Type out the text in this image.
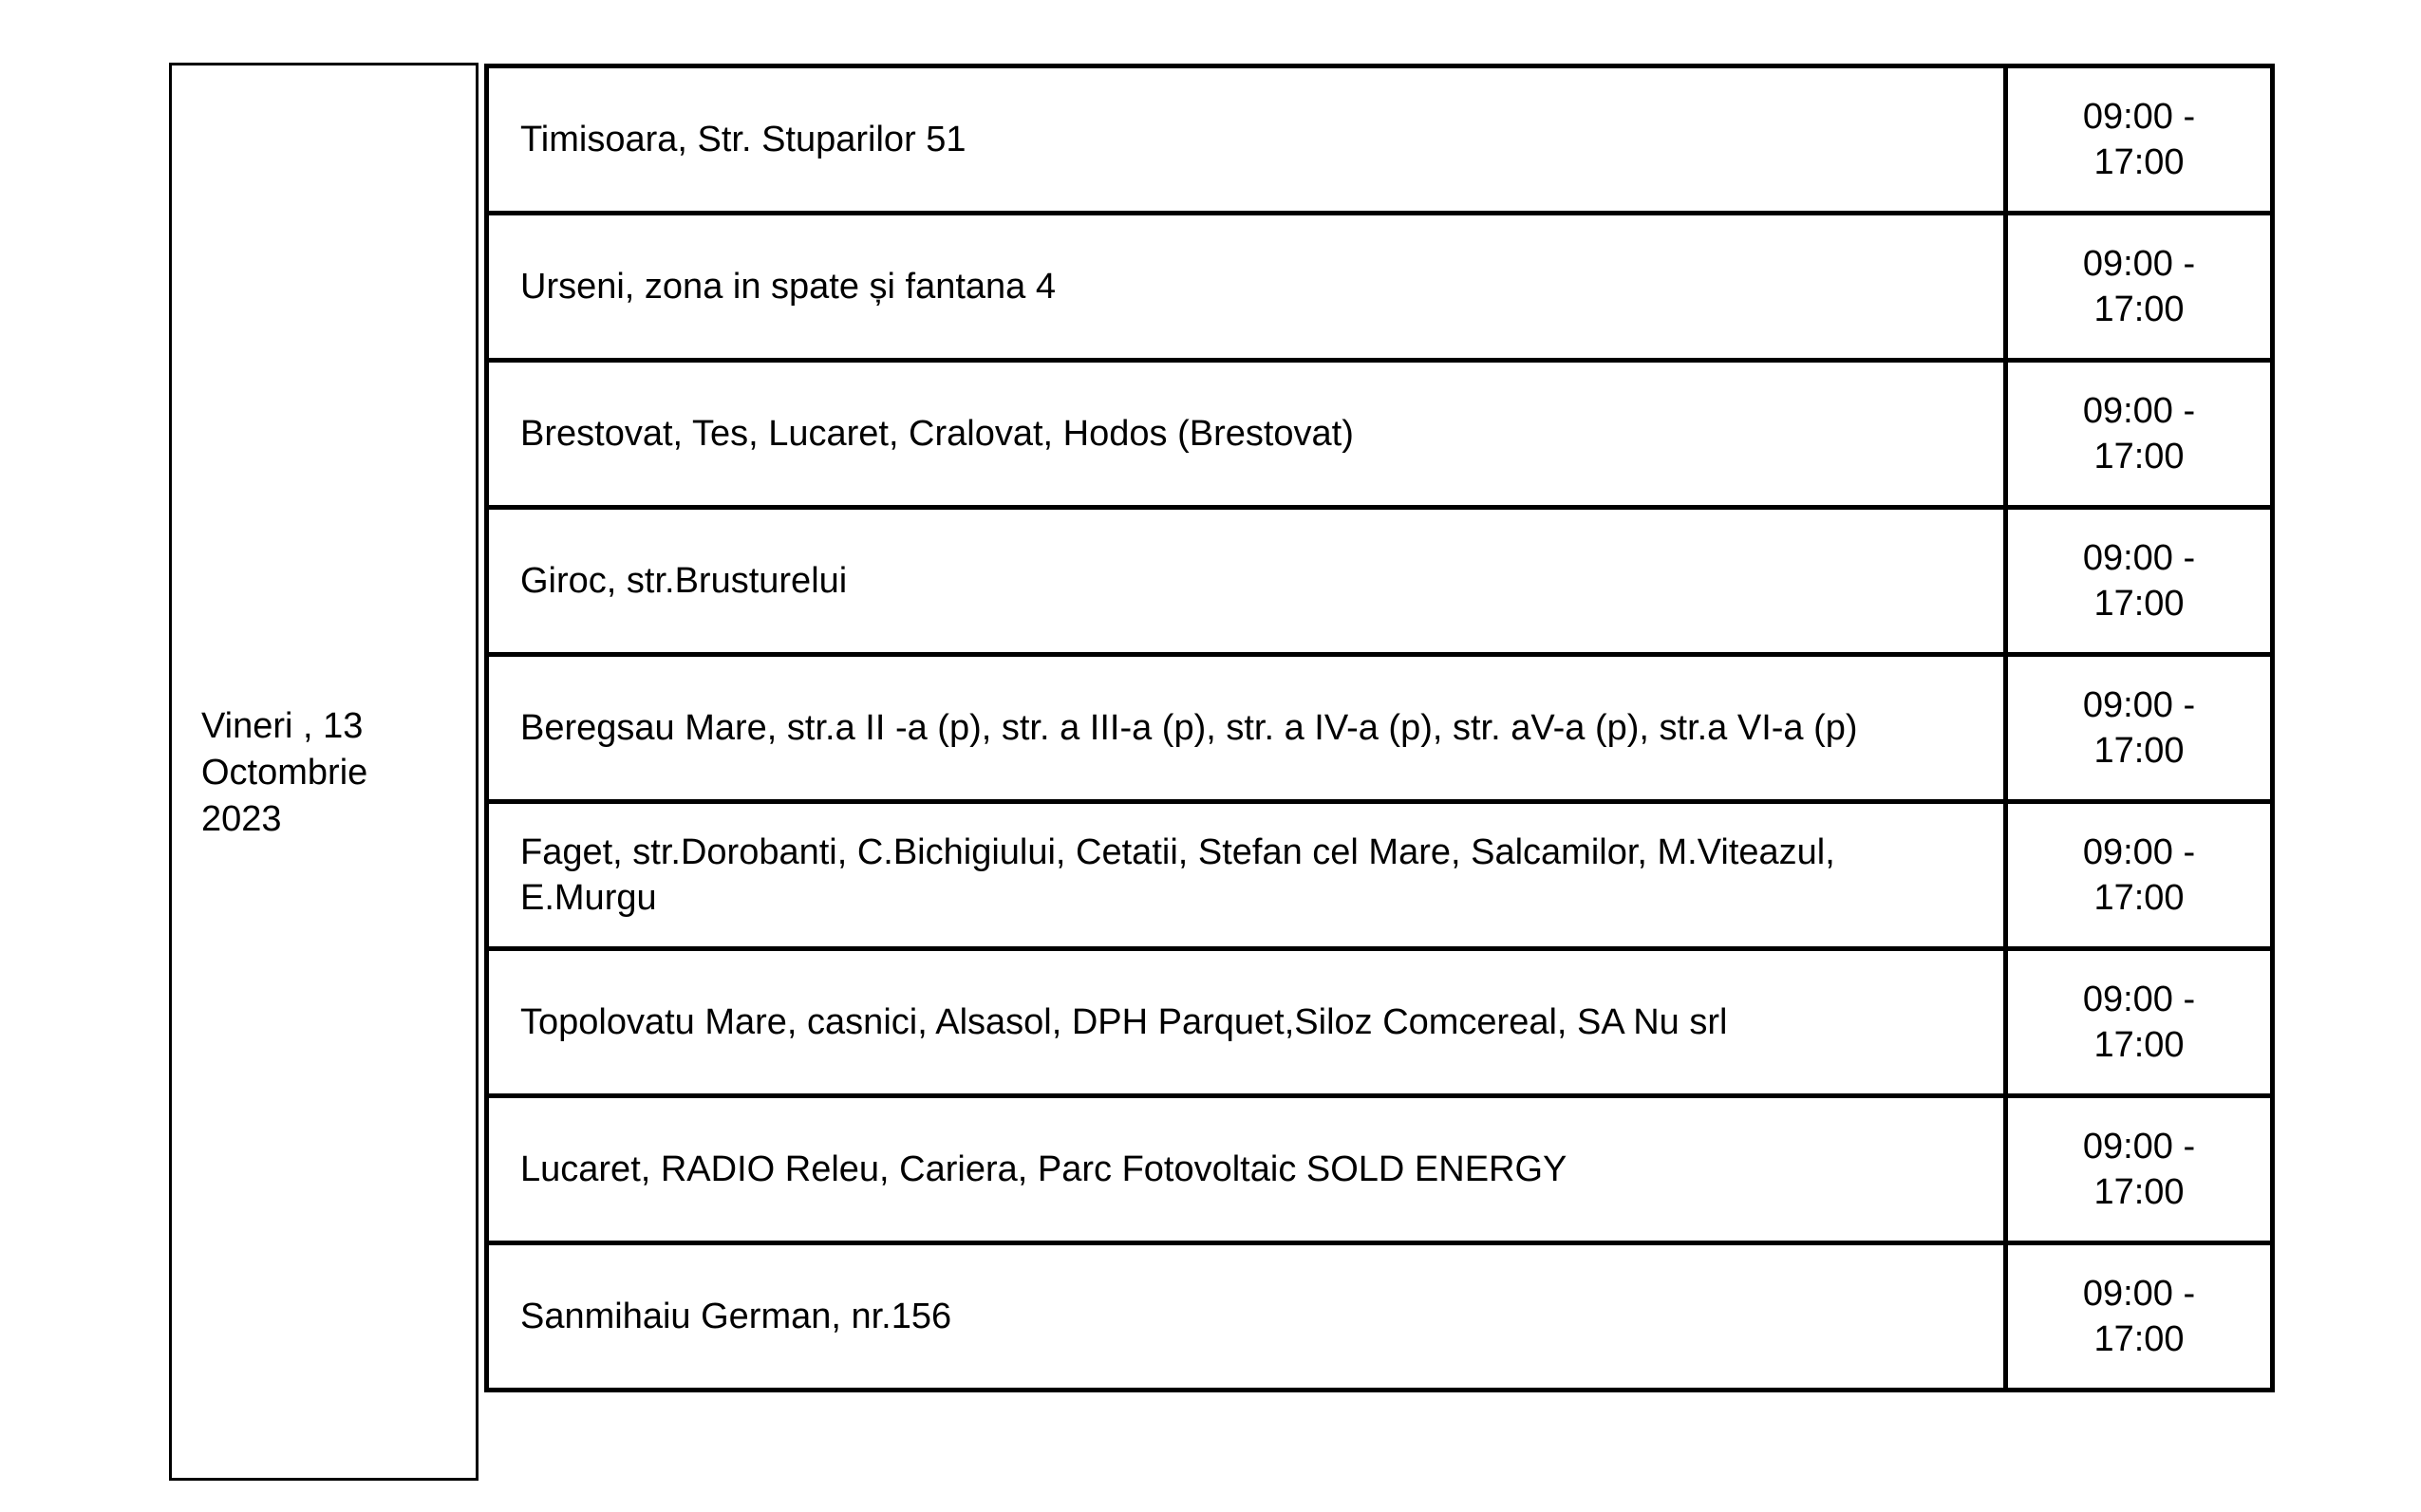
Vineri , 13 Octombrie 2023
Timisoara, Str. Stuparilor 51	09:00 - 17:00
Urseni, zona in spate și fantana 4	09:00 - 17:00
Brestovat, Tes, Lucaret, Cralovat, Hodos (Brestovat)	09:00 - 17:00
Giroc, str.Brusturelui	09:00 - 17:00
Beregsau Mare, str.a II -a (p), str. a III-a (p), str. a IV-a (p), str. aV-a (p), str.a VI-a (p)	09:00 - 17:00
Faget, str.Dorobanti, C.Bichigiului, Cetatii, Stefan cel Mare, Salcamilor, M.Viteazul, E.Murgu	09:00 - 17:00
Topolovatu Mare, casnici, Alsasol, DPH Parquet,Siloz Comcereal, SA Nu srl	09:00 - 17:00
Lucaret, RADIO Releu, Cariera, Parc Fotovoltaic SOLD ENERGY	09:00 - 17:00
Sanmihaiu German, nr.156	09:00 - 17:00
